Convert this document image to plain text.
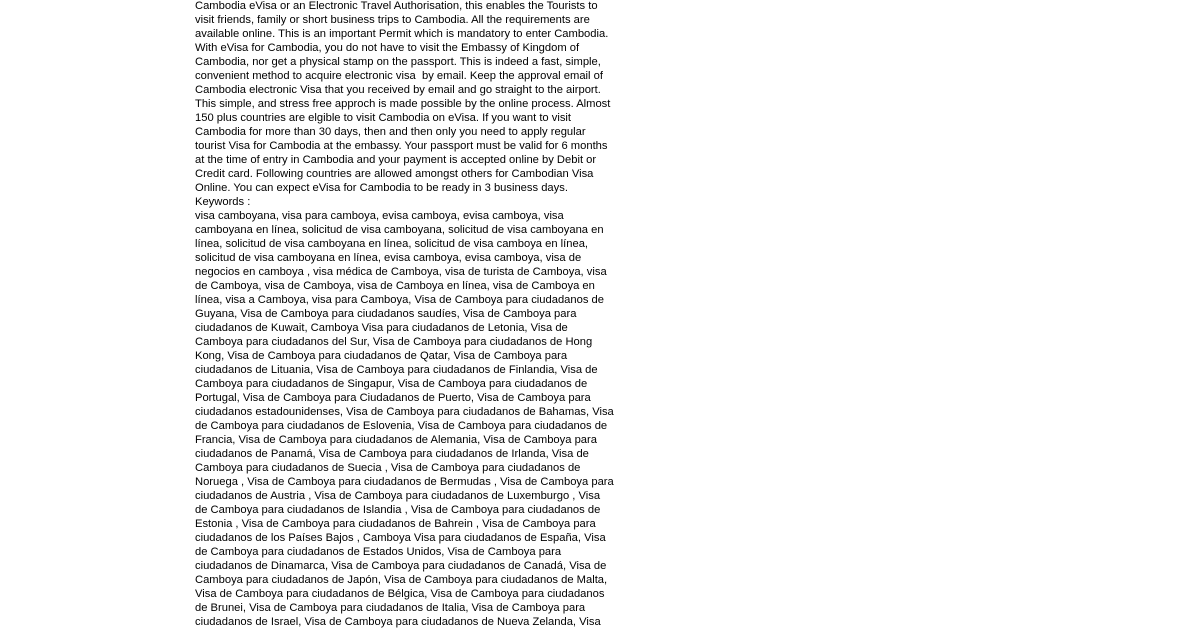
Cambodia eVisa or an Electronic Travel Authorisation, this enables the Tourists to
visit friends, family or short business trips to Cambodia. All the requirements are
available online. This is an important Permit which is mandatory to enter Cambodia.
With eVisa for Cambodia, you do not have to visit the Embassy of Kingdom of
Cambodia, nor get a physical stamp on the passport. This is indeed a fast, simple,
convenient method to acquire electronic visa  by email. Keep the approval email of
Cambodia electronic Visa that you received by email and go straight to the airport.
This simple, and stress free approch is made possible by the online process. Almost
150 plus countries are elgible to visit Cambodia on eVisa. If you want to visit
Cambodia for more than 30 days, then and then only you need to apply regular
tourist Visa for Cambodia at the embassy. Your passport must be valid for 6 months
at the time of entry in Cambodia and your payment is accepted online by Debit or
Credit card. Following countries are allowed amongst others for Cambodian Visa
Online. You can expect eVisa for Cambodia to be ready in 3 business days.
Keywords :
visa camboyana, visa para camboya, evisa camboya, evisa camboya, visa
camboyana en línea, solicitud de visa camboyana, solicitud de visa camboyana en
línea, solicitud de visa camboyana en línea, solicitud de visa camboya en línea,
solicitud de visa camboyana en línea, evisa camboya, evisa camboya, visa de
negocios en camboya , visa médica de Camboya, visa de turista de Camboya, visa
de Camboya, visa de Camboya, visa de Camboya en línea, visa de Camboya en
línea, visa a Camboya, visa para Camboya, Visa de Camboya para ciudadanos de
Guyana, Visa de Camboya para ciudadanos saudíes, Visa de Camboya para
ciudadanos de Kuwait, Camboya Visa para ciudadanos de Letonia, Visa de
Camboya para ciudadanos del Sur, Visa de Camboya para ciudadanos de Hong
Kong, Visa de Camboya para ciudadanos de Qatar, Visa de Camboya para
ciudadanos de Lituania, Visa de Camboya para ciudadanos de Finlandia, Visa de
Camboya para ciudadanos de Singapur, Visa de Camboya para ciudadanos de
Portugal, Visa de Camboya para Ciudadanos de Puerto, Visa de Camboya para
ciudadanos estadounidenses, Visa de Camboya para ciudadanos de Bahamas, Visa
de Camboya para ciudadanos de Eslovenia, Visa de Camboya para ciudadanos de
Francia, Visa de Camboya para ciudadanos de Alemania, Visa de Camboya para
ciudadanos de Panamá, Visa de Camboya para ciudadanos de Irlanda, Visa de
Camboya para ciudadanos de Suecia , Visa de Camboya para ciudadanos de
Noruega , Visa de Camboya para ciudadanos de Bermudas , Visa de Camboya para
ciudadanos de Austria , Visa de Camboya para ciudadanos de Luxemburgo , Visa
de Camboya para ciudadanos de Islandia , Visa de Camboya para ciudadanos de
Estonia , Visa de Camboya para ciudadanos de Bahrein , Visa de Camboya para
ciudadanos de los Países Bajos , Camboya Visa para ciudadanos de España, Visa
de Camboya para ciudadanos de Estados Unidos, Visa de Camboya para
ciudadanos de Dinamarca, Visa de Camboya para ciudadanos de Canadá, Visa de
Camboya para ciudadanos de Japón, Visa de Camboya para ciudadanos de Malta,
Visa de Camboya para ciudadanos de Bélgica, Visa de Camboya para ciudadanos
de Brunei, Visa de Camboya para ciudadanos de Italia, Visa de Camboya para
ciudadanos de Israel, Visa de Camboya para ciudadanos de Nueva Zelanda, Visa
